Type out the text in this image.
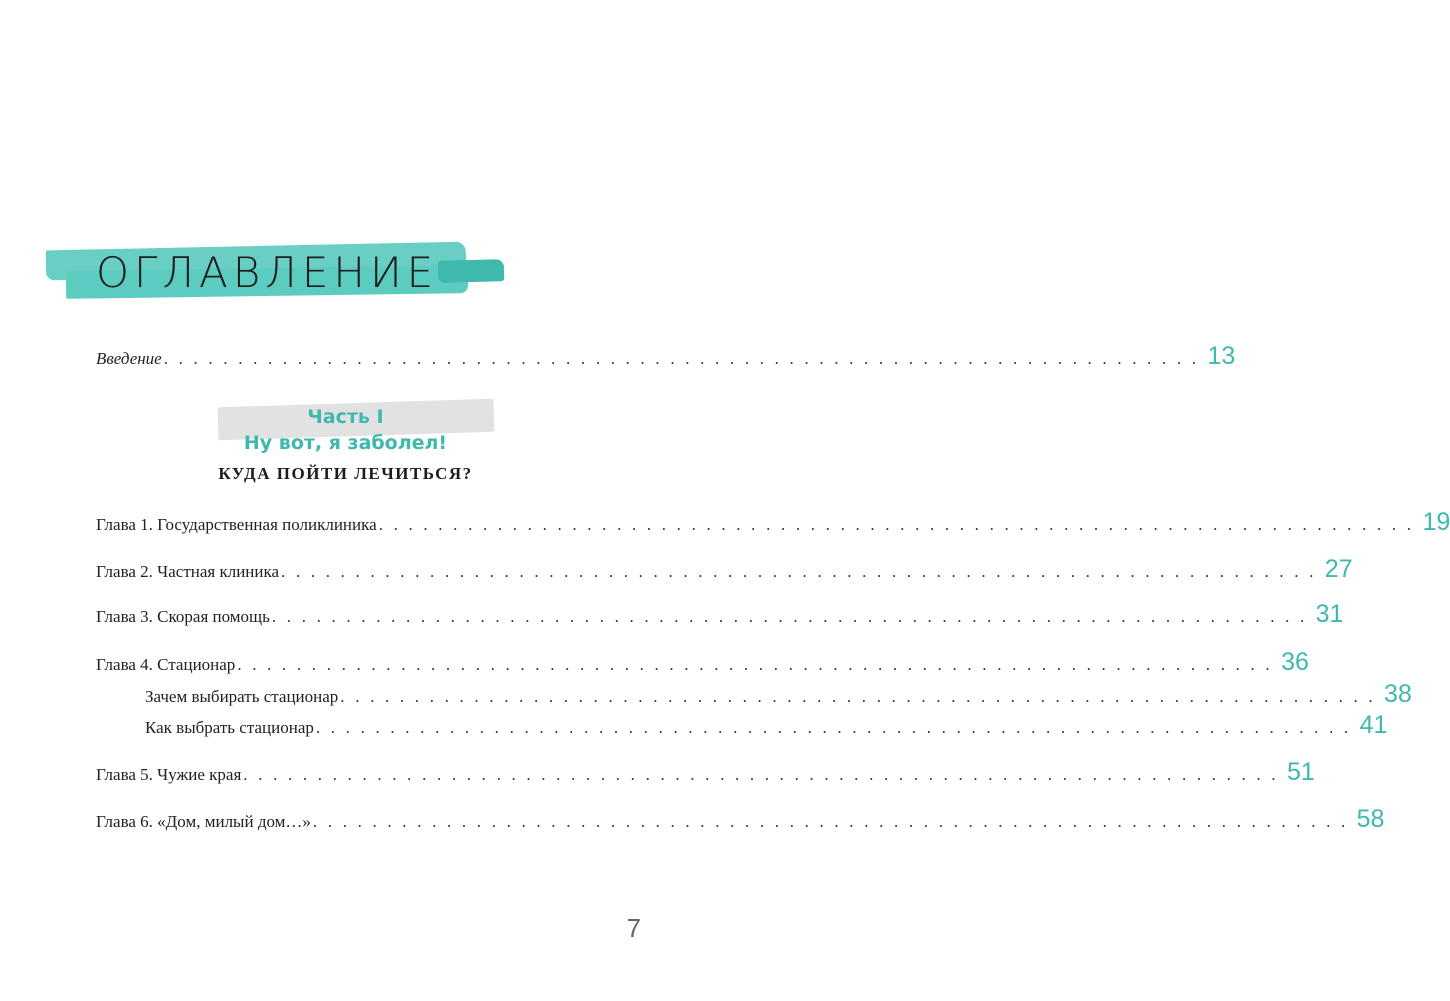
ОГЛАВЛЕНИЕ
Введение . . . . . . . . . . . . . . . . . . . . . . . . . . . . . . . . . . . . . . . . . . . . . . . . . . . . . . . . . . . . . . . . . . . . . . 13
Часть I
Ну вот, я заболел!
КУДА ПОЙТИ ЛЕЧИТЬСЯ?
Глава 1. Государственная поликлиника . . . . . . . . . . . . . . . . . . . . . . . . . . . . . . . . . . . . . . . . . . . . . . . . . . . . . . . . . . . . . . . . . . . . . . 19
Глава 2. Частная клиника . . . . . . . . . . . . . . . . . . . . . . . . . . . . . . . . . . . . . . . . . . . . . . . . . . . . . . . . . . . . . . . . . . . . . . 27
Глава 3. Скорая помощь . . . . . . . . . . . . . . . . . . . . . . . . . . . . . . . . . . . . . . . . . . . . . . . . . . . . . . . . . . . . . . . . . . . . . . 31
Глава 4. Стационар . . . . . . . . . . . . . . . . . . . . . . . . . . . . . . . . . . . . . . . . . . . . . . . . . . . . . . . . . . . . . . . . . . . . . . 36
Зачем выбирать стационар . . . . . . . . . . . . . . . . . . . . . . . . . . . . . . . . . . . . . . . . . . . . . . . . . . . . . . . . . . . . . . . . . . . . . . 38
Как выбрать стационар . . . . . . . . . . . . . . . . . . . . . . . . . . . . . . . . . . . . . . . . . . . . . . . . . . . . . . . . . . . . . . . . . . . . . . 41
Глава 5. Чужие края . . . . . . . . . . . . . . . . . . . . . . . . . . . . . . . . . . . . . . . . . . . . . . . . . . . . . . . . . . . . . . . . . . . . . . 51
Глава 6. «Дом, милый дом…» . . . . . . . . . . . . . . . . . . . . . . . . . . . . . . . . . . . . . . . . . . . . . . . . . . . . . . . . . . . . . . . . . . . . . . 58
7
